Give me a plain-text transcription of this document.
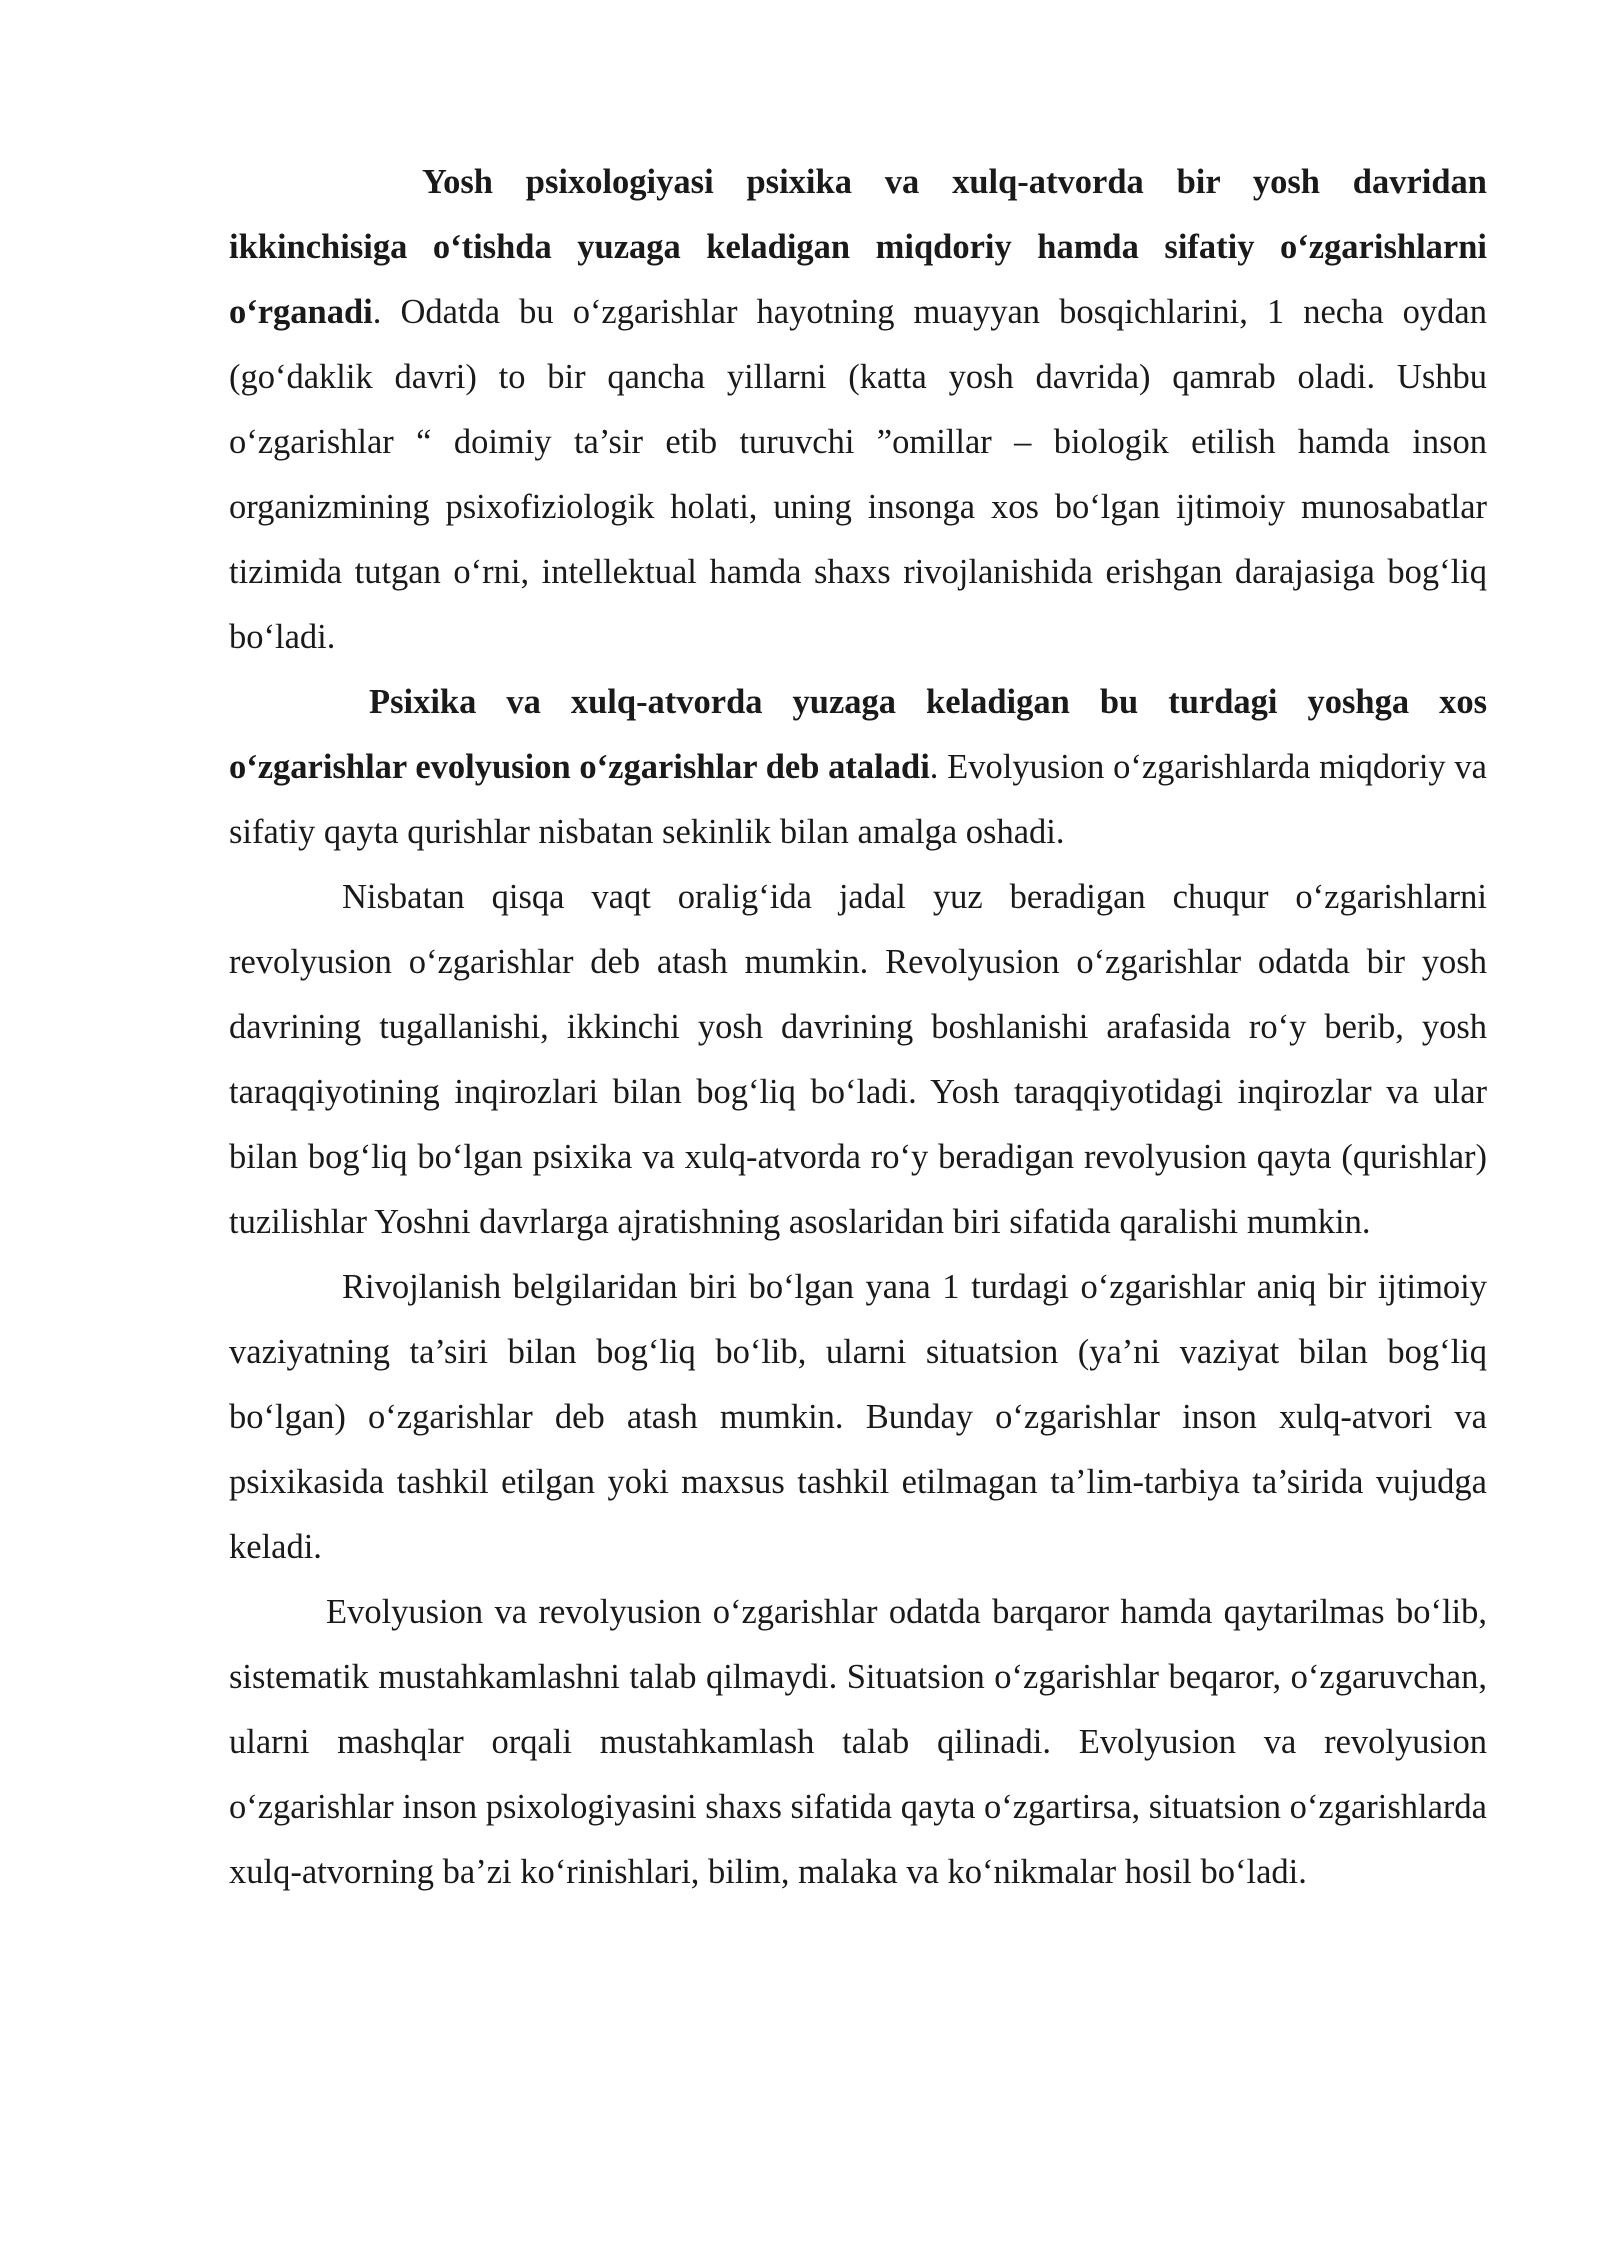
Yosh psixologiyasi psixika va xulq-atvorda bir yosh davridan ikkinchisiga o‘tishda yuzaga keladigan miqdoriy hamda sifatiy o‘zgarishlarni o‘rganadi. Odatda bu o‘zgarishlar hayotning muayyan bosqichlarini, 1 necha oydan (go‘daklik davri) to bir qancha yillarni (katta yosh davrida) qamrab oladi. Ushbu o‘zgarishlar “ doimiy ta’sir etib turuvchi ”omillar – biologik etilish hamda inson organizmining psixofiziologik holati, uning insonga xos bo‘lgan ijtimoiy munosabatlar tizimida tutgan o‘rni, intellektual hamda shaxs rivojlanishida erishgan darajasiga bog‘liq bo‘ladi.

Psixika va xulq-atvorda yuzaga keladigan bu turdagi yoshga xos o‘zgarishlar evolyusion o‘zgarishlar deb ataladi. Evolyusion o‘zgarishlarda miqdoriy va sifatiy qayta qurishlar nisbatan sekinlik bilan amalga oshadi.

Nisbatan qisqa vaqt oralig‘ida jadal yuz beradigan chuqur o‘zgarishlarni revolyusion o‘zgarishlar deb atash mumkin. Revolyusion o‘zgarishlar odatda bir yosh davrining tugallanishi, ikkinchi yosh davrining boshlanishi arafasida ro‘y berib, yosh taraqqiyotining inqirozlari bilan bog‘liq bo‘ladi. Yosh taraqqiyotidagi inqirozlar va ular bilan bog‘liq bo‘lgan psixika va xulq-atvorda ro‘y beradigan revolyusion qayta (qurishlar) tuzilishlar Yoshni davrlarga ajratishning asoslaridan biri sifatida qaralishi mumkin.

Rivojlanish belgilaridan biri bo‘lgan yana 1 turdagi o‘zgarishlar aniq bir ijtimoiy vaziyatning ta’siri bilan bog‘liq bo‘lib, ularni situatsion (ya’ni vaziyat bilan bog‘liq bo‘lgan) o‘zgarishlar deb atash mumkin. Bunday o‘zgarishlar inson xulq-atvori va psixikasida tashkil etilgan yoki maxsus tashkil etilmagan ta’lim-tarbiya ta’sirida vujudga keladi.

Evolyusion va revolyusion o‘zgarishlar odatda barqaror hamda qaytarilmas bo‘lib, sistematik mustahkamlashni talab qilmaydi. Situatsion o‘zgarishlar beqaror, o‘zgaruvchan, ularni mashqlar orqali mustahkamlash talab qilinadi. Evolyusion va revolyusion o‘zgarishlar inson psixologiyasini shaxs sifatida qayta o‘zgartirsa, situatsion o‘zgarishlarda xulq-atvorning ba’zi ko‘rinishlari, bilim, malaka va ko‘nikmalar hosil bo‘ladi.
